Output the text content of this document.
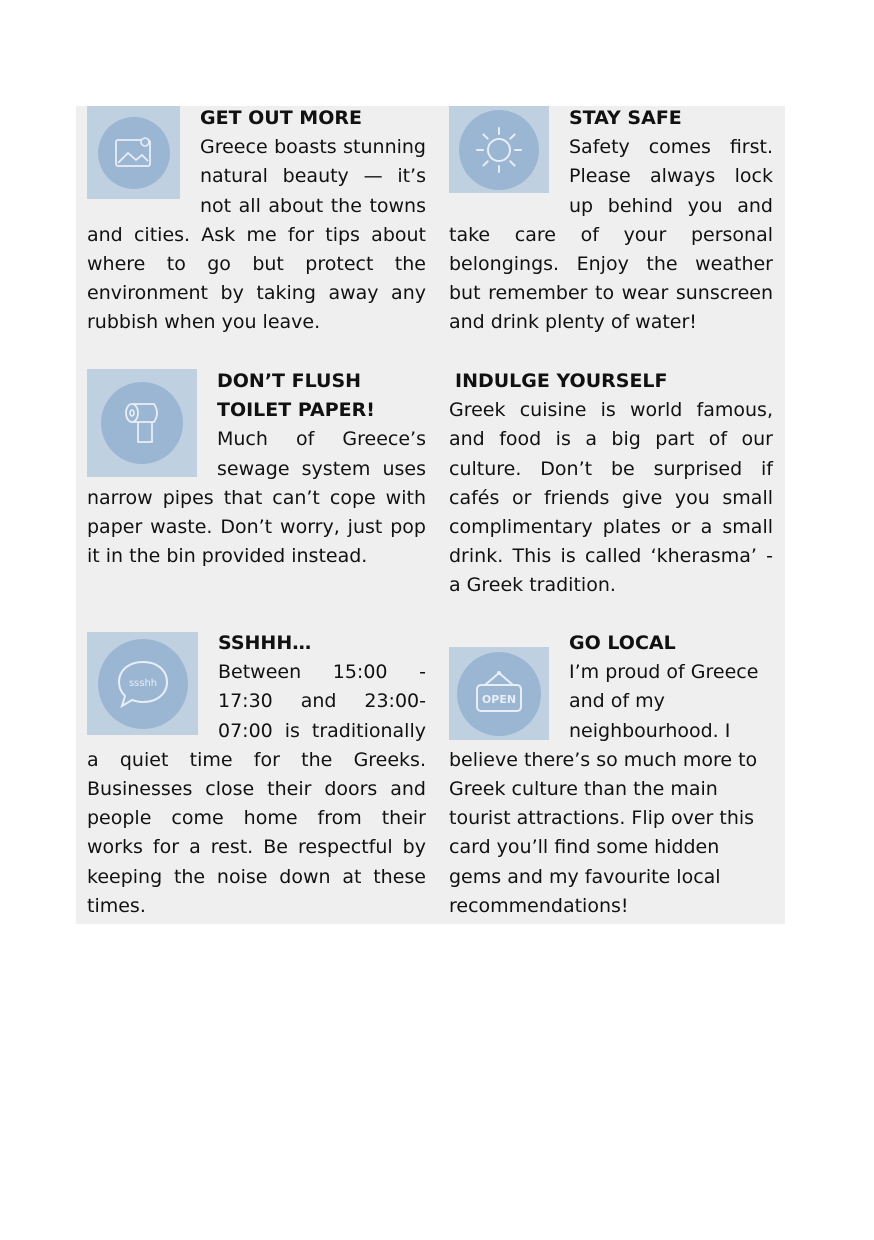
GET OUT MORE

Greece boasts stunning natural beauty — it’s not all about the towns and cities. Ask me for tips about where to go but protect the environment by taking away any rubbish when you leave.

STAY SAFE

Safety comes first. Please always lock up behind you and take care of your personal belongings. Enjoy the weather but remember to wear sunscreen and drink plenty of water!

DON’T FLUSH TOILET PAPER!

Much of Greece’s sewage system uses narrow pipes that can’t cope with paper waste. Don’t worry, just pop it in the bin provided instead.

INDULGE YOURSELF

Greek cuisine is world famous, and food is a big part of our culture. Don’t be surprised if cafés or friends give you small complimentary plates or a small drink. This is called ‘kherasma’ - a Greek tradition.

ssshh
SSHHH…

Between 15:00 - 17:30 and 23:00-07:00 is traditionally a quiet time for the Greeks. Businesses close their doors and people come home from their works for a rest. Be respectful by keeping the noise down at these times.

OPEN
GO LOCAL

I’m proud of Greece and of my neighbourhood. I believe there’s so much more to Greek culture than the main tourist attractions. Flip over this card you’ll find some hidden gems and my favourite local recommendations!
